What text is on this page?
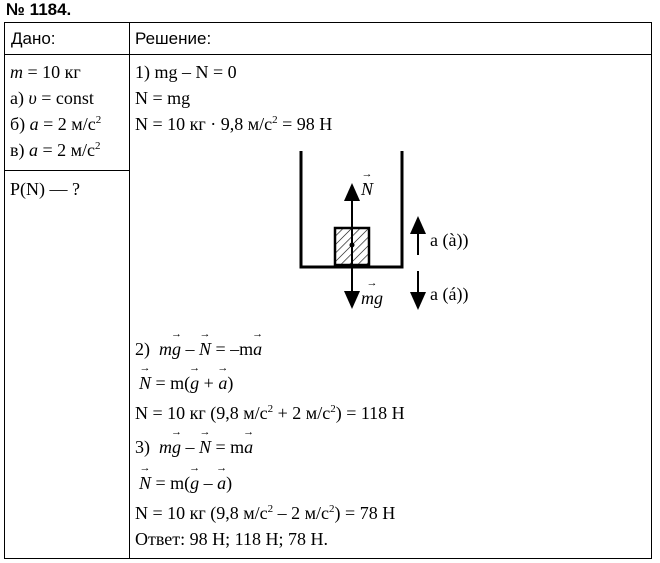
№ 1184.
Дано:	Решение:
m = 10 кг
а) υ = const
б) a = 2 $м/с^2$
в) a = 2 $м/с^2$
P(N) — ?
1) mg – N = 0
N = mg
N = 10 кг · 9,8 $м/с^2 = 98$ Н
→ N
→ mg
a (à))
a (á))
2) m→ g – → N = –m→ a
→ N = m(→ g + → a)
N = 10 кг (9,8 $м/с^2 + 2$ $м/с^2) = 118$ Н
3) m→ g – → N = m→ a
→ N = m(→ g – → a)
N = 10 кг (9,8 $м/с^2 - 2$ $м/с^2) = 78$ Н
Ответ: 98 Н; 118 Н; 78 Н.
